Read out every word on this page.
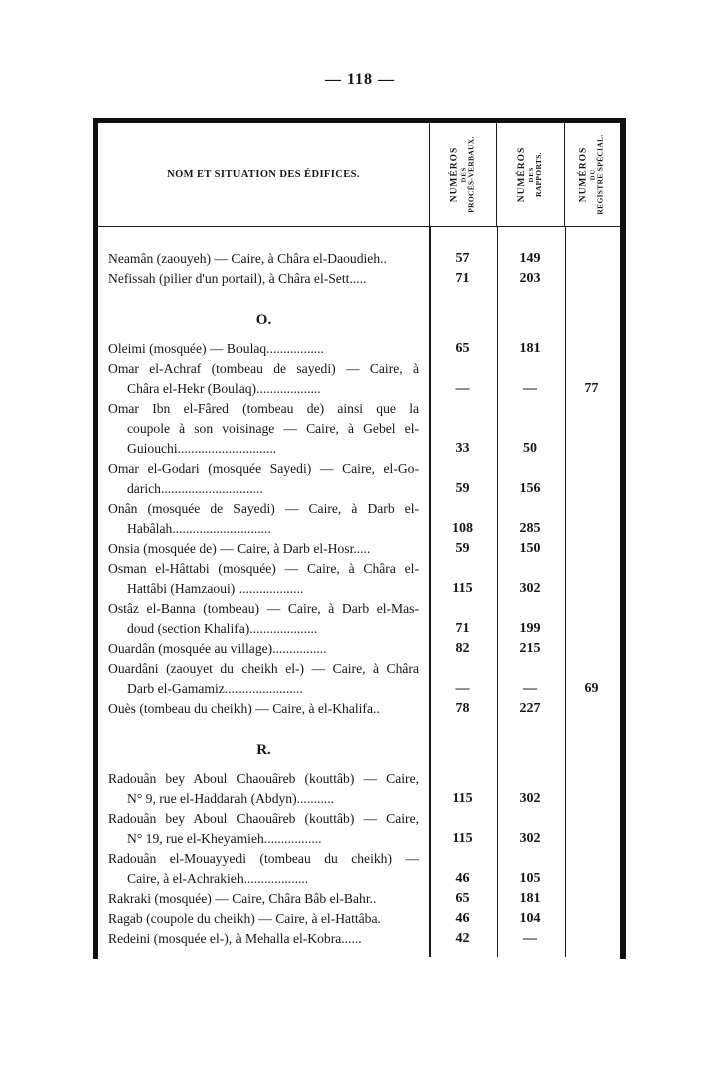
— 118 —
NOM ET SITUATION DES ÉDIFICES.	NUMÉROS DES PROCÈS-VERBAUX.	NUMÉROS DES RAPPORTS.	NUMÉROS DU REGISTRE SPÉCIAL.
Neamân (zaouyeh) — Caire, à Châra el-Daoudieh..	57	149
Nefissah (pilier d'un portail), à Châra el-Sett.....	71	203
O.
Oleimi (mosquée) — Boulaq.................	65	181
Omar el-Achraf (tombeau de sayedi) — Caire, à
Châra el-Hekr (Boulaq)...................	—	—	77
Omar Ibn el-Fâred (tombeau de) ainsi que la
coupole à son voisinage — Caire, à Gebel el-
Guiouchi.............................	33	50
Omar el-Godari (mosquée Sayedi) — Caire, el-Go-
darich..............................	59	156
Onân (mosquée de Sayedi) — Caire, à Darb el-
Habâlah.............................	108	285
Onsia (mosquée de) — Caire, à Darb el-Hosr.....	59	150
Osman el-Hâttabi (mosquée) — Caire, à Châra el-
Hattâbi (Hamzaoui) ...................	115	302
Ostâz el-Banna (tombeau) — Caire, à Darb el-Mas-
doud (section Khalifa)....................	71	199
Ouardân (mosquée au village)................	82	215
Ouardâni (zaouyet du cheikh el-) — Caire, à Châra
Darb el-Gamamiz.......................	—	—	69
Ouès (tombeau du cheikh) — Caire, à el-Khalifa..	78	227
R.
Radouân bey Aboul Chaouâreb (kouttâb) — Caire,
N° 9, rue el-Haddarah (Abdyn)...........	115	302
Radouân bey Aboul Chaouâreb (kouttâb) — Caire,
N° 19, rue el-Kheyamieh.................	115	302
Radouân el-Mouayyedi (tombeau du cheikh) —
Caire, à el-Achrakieh...................	46	105
Rakraki (mosquée) — Caire, Châra Bâb el-Bahr..	65	181
Ragab (coupole du cheikh) — Caire, à el-Hattâba.	46	104
Redeini (mosquée el-), à Mehalla el-Kobra......	42	—
